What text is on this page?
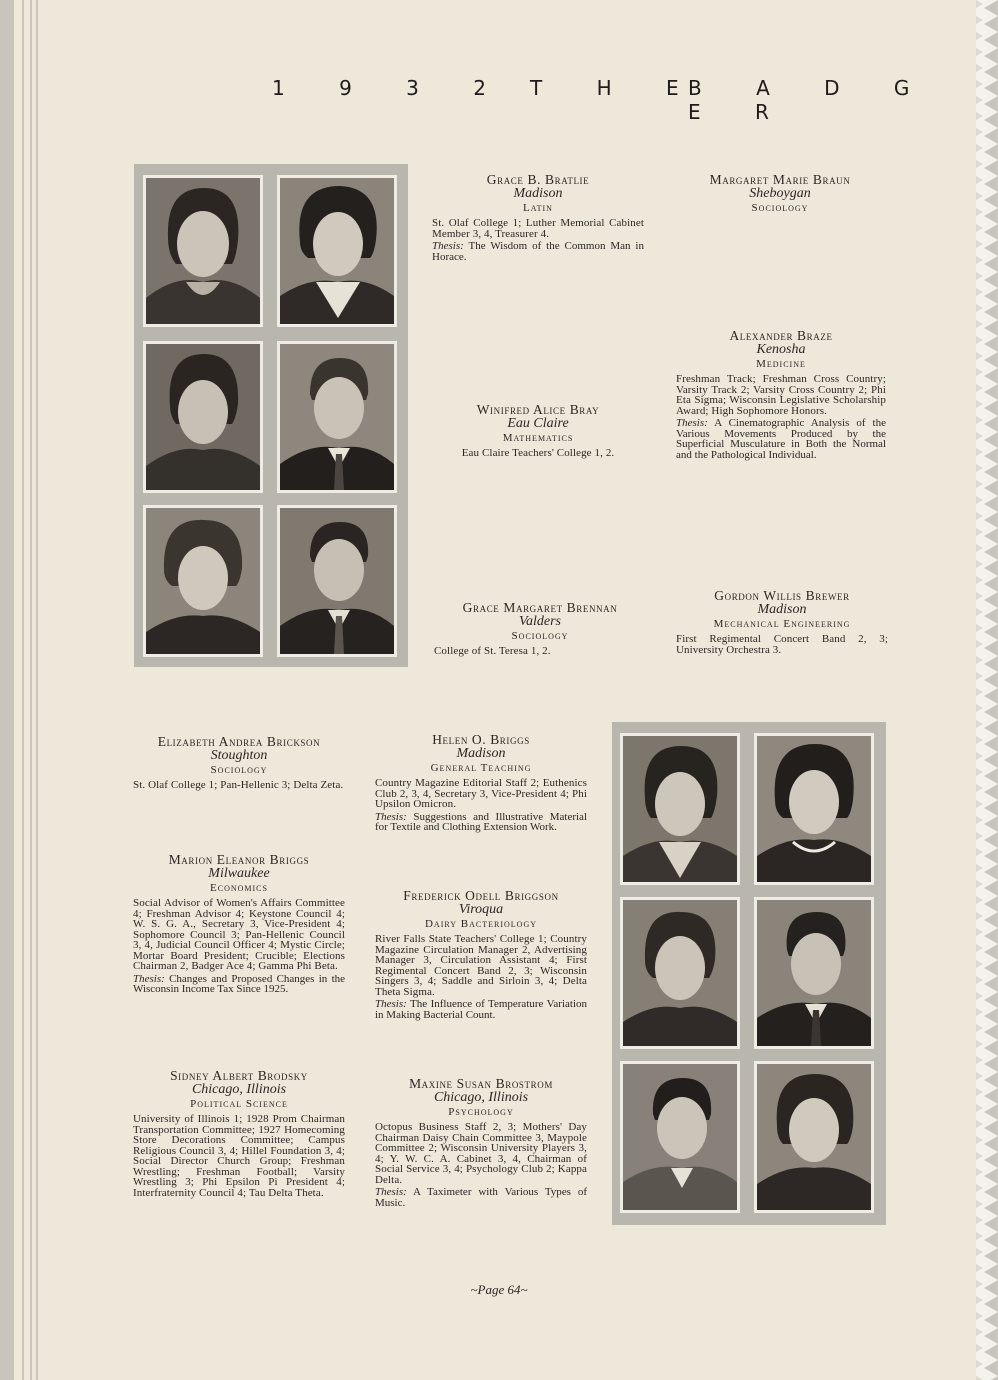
1 9 3 2 T H E
B A D G E R
Grace B. Bratlie
Madison
Latin
St. Olaf College 1; Luther Memorial Cabinet Member 3, 4, Treasurer 4.
Thesis: The Wisdom of the Common Man in Horace.
Margaret Marie Braun
Sheboygan
Sociology
Alexander Braze
Kenosha
Medicine
Freshman Track; Freshman Cross Country; Varsity Track 2; Varsity Cross Country 2; Phi Eta Sigma; Wisconsin Legislative Scholarship Award; High Sophomore Honors.
Thesis: A Cinematographic Analysis of the Various Movements Produced by the Superficial Musculature in Both the Normal and the Pathological Individual.
Winifred Alice Bray
Eau Claire
Mathematics
Eau Claire Teachers' College 1, 2.
Gordon Willis Brewer
Madison
Mechanical Engineering
First Regimental Concert Band 2, 3; University Orchestra 3.
Grace Margaret Brennan
Valders
Sociology
College of St. Teresa 1, 2.
Elizabeth Andrea Brickson
Stoughton
Sociology
St. Olaf College 1; Pan-Hellenic 3; Delta Zeta.
Helen O. Briggs
Madison
General Teaching
Country Magazine Editorial Staff 2; Euthenics Club 2, 3, 4, Secretary 3, Vice-President 4; Phi Upsilon Omicron.
Thesis: Suggestions and Illustrative Material for Textile and Clothing Extension Work.
Marion Eleanor Briggs
Milwaukee
Economics
Social Advisor of Women's Affairs Committee 4; Freshman Advisor 4; Keystone Council 4; W. S. G. A., Secretary 3, Vice-President 4; Sophomore Council 3; Pan-Hellenic Council 3, 4, Judicial Council Officer 4; Mystic Circle; Mortar Board President; Crucible; Elections Chairman 2, Badger Ace 4; Gamma Phi Beta.
Thesis: Changes and Proposed Changes in the Wisconsin Income Tax Since 1925.
Frederick Odell Briggson
Viroqua
Dairy Bacteriology
River Falls State Teachers' College 1; Country Magazine Circulation Manager 2, Advertising Manager 3, Circulation Assistant 4; First Regimental Concert Band 2, 3; Wisconsin Singers 3, 4; Saddle and Sirloin 3, 4; Delta Theta Sigma.
Thesis: The Influence of Temperature Variation in Making Bacterial Count.
Sidney Albert Brodsky
Chicago, Illinois
Political Science
University of Illinois 1; 1928 Prom Chairman Transportation Committee; 1927 Homecoming Store Decorations Committee; Campus Religious Council 3, 4; Hillel Foundation 3, 4; Social Director Church Group; Freshman Wrestling; Freshman Football; Varsity Wrestling 3; Phi Epsilon Pi President 4; Interfraternity Council 4; Tau Delta Theta.
Maxine Susan Brostrom
Chicago, Illinois
Psychology
Octopus Business Staff 2, 3; Mothers' Day Chairman Daisy Chain Committee 3, Maypole Committee 2; Wisconsin University Players 3, 4; Y. W. C. A. Cabinet 3, 4, Chairman of Social Service 3, 4; Psychology Club 2; Kappa Delta.
Thesis: A Taximeter with Various Types of Music.
~Page 64~
